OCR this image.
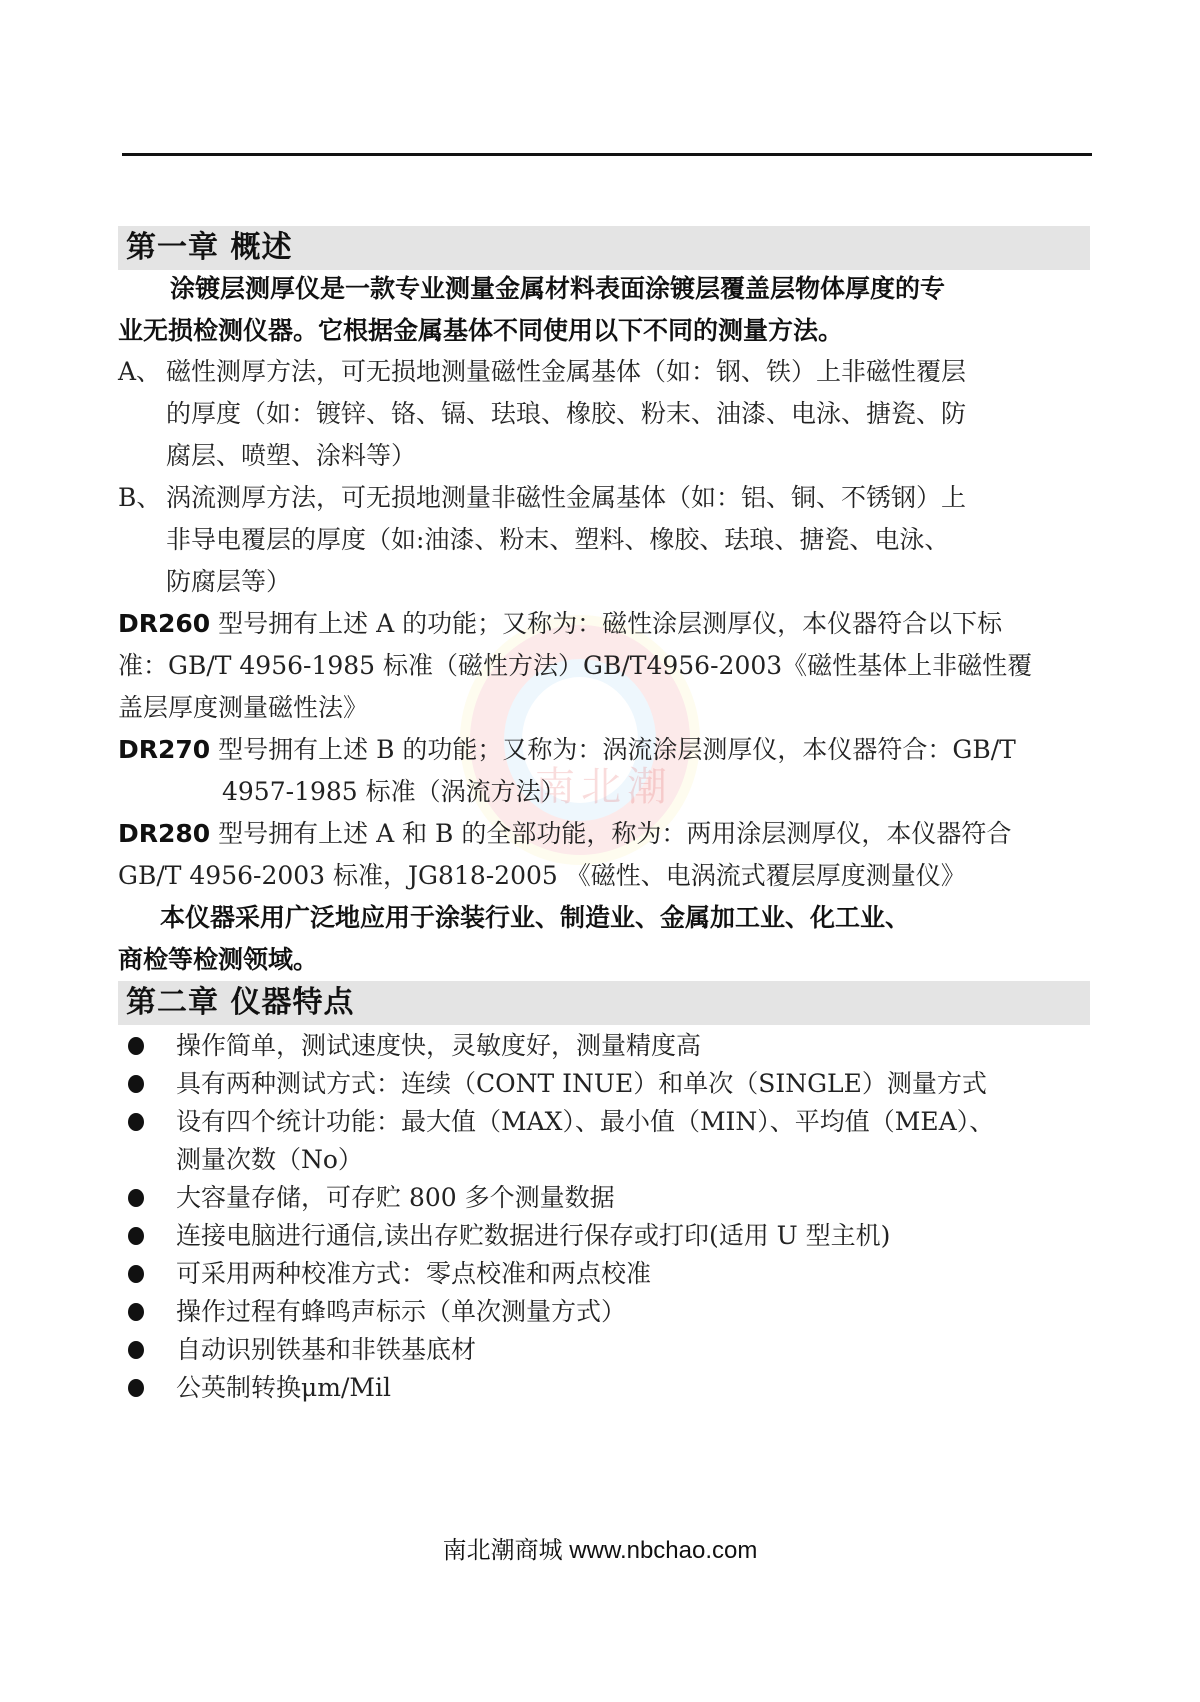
南北潮
第一章 概述
涂镀层测厚仪是一款专业测量金属材料表面涂镀层覆盖层物体厚度的专
业无损检测仪器。它根据金属基体不同使用以下不同的测量方法。
A、 磁性测厚方法，可无损地测量磁性金属基体（如：钢、铁）上非磁性覆层
的厚度（如：镀锌、铬、镉、珐琅、橡胶、粉末、油漆、电泳、搪瓷、防
腐层、喷塑、涂料等）
B、 涡流测厚方法，可无损地测量非磁性金属基体（如：铝、铜、不锈钢）上
非导电覆层的厚度（如:油漆、粉末、塑料、橡胶、珐琅、搪瓷、电泳、
防腐层等）
DR260 型号拥有上述 A 的功能；又称为：磁性涂层测厚仪，本仪器符合以下标
准：GB/T 4956-1985 标准（磁性方法）GB/T4956-2003《磁性基体上非磁性覆
盖层厚度测量磁性法》
DR270 型号拥有上述 B 的功能；又称为：涡流涂层测厚仪，本仪器符合：GB/T
4957-1985 标准（涡流方法）
DR280 型号拥有上述 A 和 B 的全部功能，称为：两用涂层测厚仪，本仪器符合
GB/T 4956-2003 标准，JG818-2005 《磁性、电涡流式覆层厚度测量仪》
本仪器采用广泛地应用于涂装行业、制造业、金属加工业、化工业、
商检等检测领域。
第二章 仪器特点
操作简单，测试速度快，灵敏度好，测量精度高
具有两种测试方式：连续（CONT INUE）和单次（SINGLE）测量方式
设有四个统计功能：最大值（MAX）、最小值（MIN）、平均值（MEA）、
测量次数（No）
大容量存储，可存贮 800 多个测量数据
连接电脑进行通信,读出存贮数据进行保存或打印(适用 U 型主机)
可采用两种校准方式：零点校准和两点校准
操作过程有蜂鸣声标示（单次测量方式）
自动识别铁基和非铁基底材
公英制转换μm/Mil
南北潮商城 www.nbchao.com
